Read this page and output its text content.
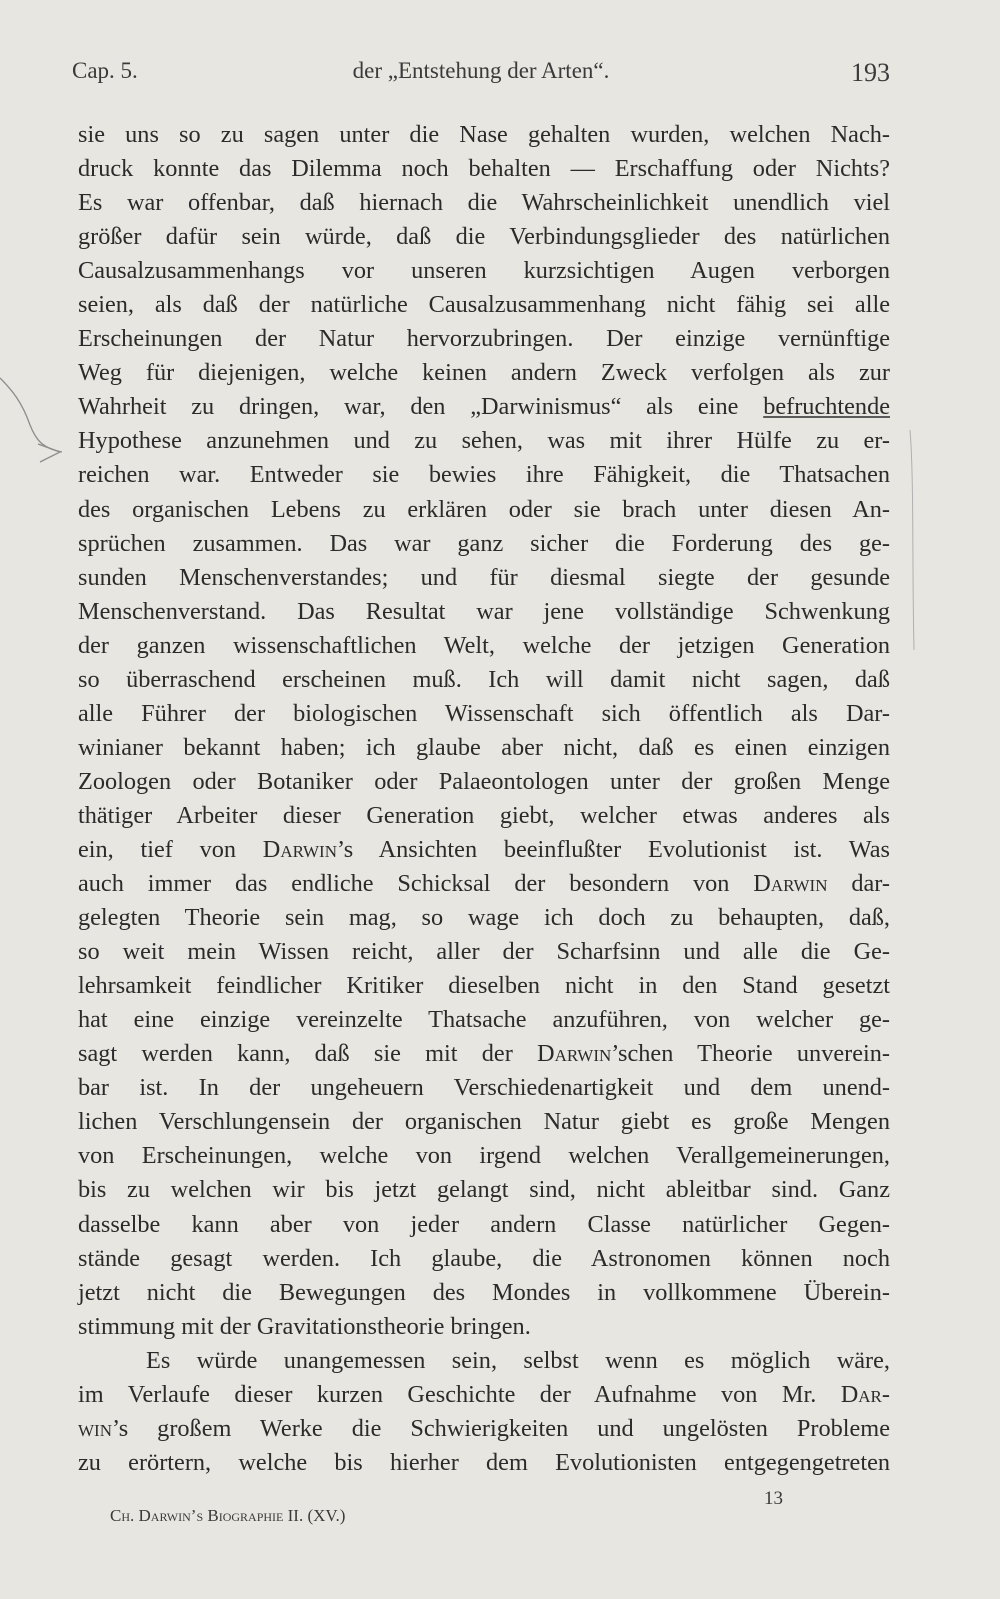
Cap. 5.	der „Entstehung der Arten“.	193
sie uns so zu sagen unter die Nase gehalten wurden, welchen Nach-
druck konnte das Dilemma noch behalten — Erschaffung oder Nichts?
Es war offenbar, daß hiernach die Wahrscheinlichkeit unendlich viel
größer dafür sein würde, daß die Verbindungsglieder des natürlichen
Causalzusammenhangs vor unseren kurzsichtigen Augen verborgen
seien, als daß der natürliche Causalzusammenhang nicht fähig sei alle
Erscheinungen der Natur hervorzubringen. Der einzige vernünftige
Weg für diejenigen, welche keinen andern Zweck verfolgen als zur
Wahrheit zu dringen, war, den „Darwinismus“ als eine befruchtende
Hypothese anzunehmen und zu sehen, was mit ihrer Hülfe zu er-
reichen war. Entweder sie bewies ihre Fähigkeit, die Thatsachen
des organischen Lebens zu erklären oder sie brach unter diesen An-
sprüchen zusammen. Das war ganz sicher die Forderung des ge-
sunden Menschenverstandes; und für diesmal siegte der gesunde
Menschenverstand. Das Resultat war jene vollständige Schwenkung
der ganzen wissenschaftlichen Welt, welche der jetzigen Generation
so überraschend erscheinen muß. Ich will damit nicht sagen, daß
alle Führer der biologischen Wissenschaft sich öffentlich als Dar-
winianer bekannt haben; ich glaube aber nicht, daß es einen einzigen
Zoologen oder Botaniker oder Palaeontologen unter der großen Menge
thätiger Arbeiter dieser Generation giebt, welcher etwas anderes als
ein, tief von Darwin’s Ansichten beeinflußter Evolutionist ist. Was
auch immer das endliche Schicksal der besondern von Darwin dar-
gelegten Theorie sein mag, so wage ich doch zu behaupten, daß,
so weit mein Wissen reicht, aller der Scharfsinn und alle die Ge-
lehrsamkeit feindlicher Kritiker dieselben nicht in den Stand gesetzt
hat eine einzige vereinzelte Thatsache anzuführen, von welcher ge-
sagt werden kann, daß sie mit der Darwin’schen Theorie unverein-
bar ist. In der ungeheuern Verschiedenartigkeit und dem unend-
lichen Verschlungensein der organischen Natur giebt es große Mengen
von Erscheinungen, welche von irgend welchen Verallgemeinerungen,
bis zu welchen wir bis jetzt gelangt sind, nicht ableitbar sind. Ganz
dasselbe kann aber von jeder andern Classe natürlicher Gegen-
stände gesagt werden. Ich glaube, die Astronomen können noch
jetzt nicht die Bewegungen des Mondes in vollkommene Überein-
stimmung mit der Gravitationstheorie bringen.
Es würde unangemessen sein, selbst wenn es möglich wäre,
im Verlaufe dieser kurzen Geschichte der Aufnahme von Mr. Dar-
win’s großem Werke die Schwierigkeiten und ungelösten Probleme
zu erörtern, welche bis hierher dem Evolutionisten entgegengetreten
Ch. Darwin’s Biographie II. (XV.)
13
